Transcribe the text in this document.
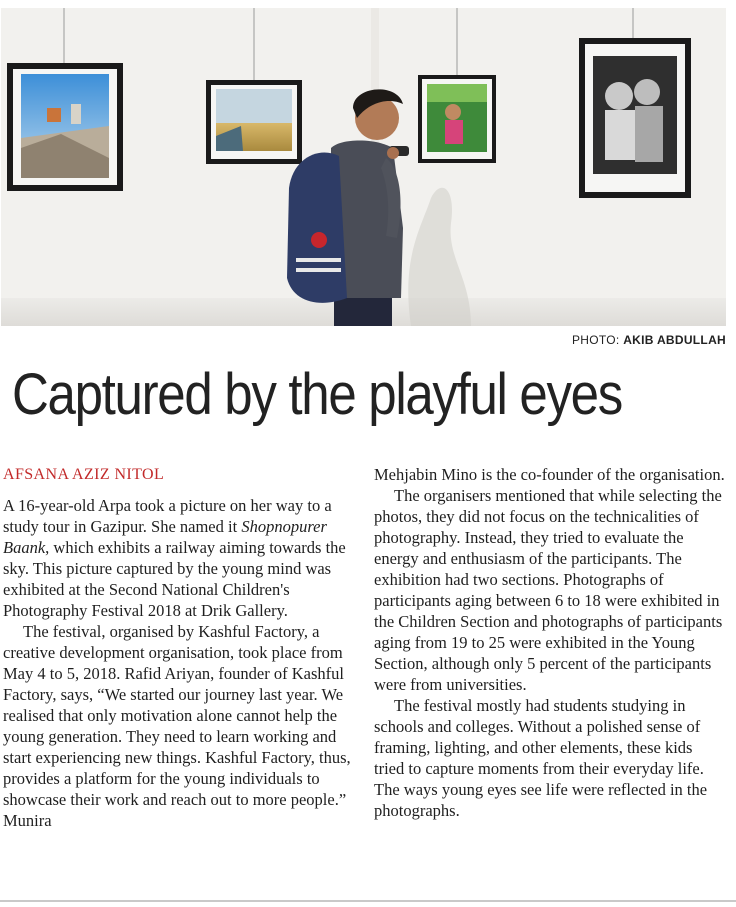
PHOTO: AKIB ABDULLAH
Captured by the playful eyes
AFSANA AZIZ NITOL

A 16-year-old Arpa took a picture on her way to a study tour in Gazipur. She named it Shopnopurer Baank, which exhibits a railway aiming towards the sky. This picture captured by the young mind was exhibited at the Second National Children's Photography Festival 2018 at Drik Gallery.

The festival, organised by Kashful Factory, a creative development organisation, took place from May 4 to 5, 2018. Rafid Ariyan, founder of Kashful Factory, says, “We started our journey last year. We realised that only motivation alone cannot help the young generation. They need to learn working and start experiencing new things. Kashful Factory, thus, provides a platform for the young individuals to showcase their work and reach out to more people.” Munira

Mehjabin Mino is the co-founder of the organisation.

The organisers mentioned that while selecting the photos, they did not focus on the technicalities of photography. Instead, they tried to evaluate the energy and enthusiasm of the participants. The exhibition had two sections. Photographs of participants aging between 6 to 18 were exhibited in the Children Section and photographs of participants aging from 19 to 25 were exhibited in the Young Section, although only 5 percent of the participants were from universities.

The festival mostly had students studying in schools and colleges. Without a polished sense of framing, lighting, and other elements, these kids tried to capture moments from their everyday life. The ways young eyes see life were reflected in the photographs.
